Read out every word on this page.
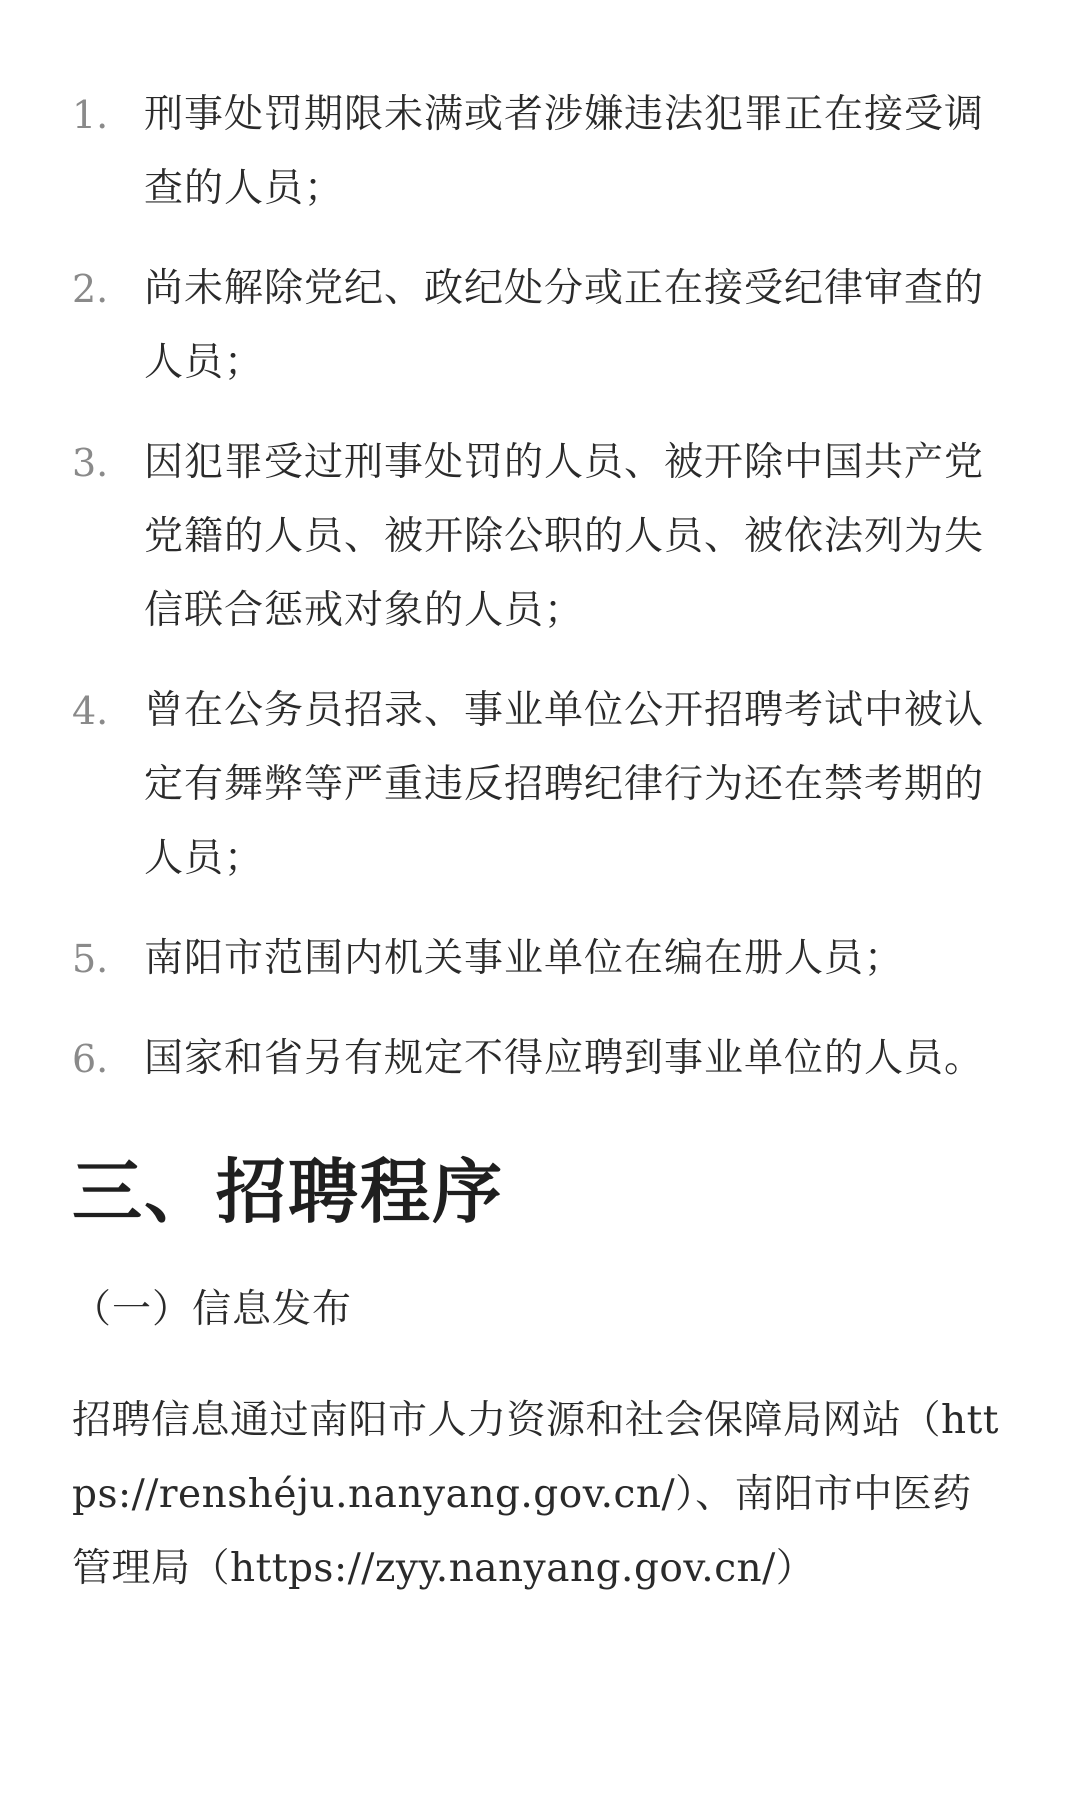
1. 刑事处罚期限未满或者涉嫌违法犯罪正在接受调查的人员；
2. 尚未解除党纪、政纪处分或正在接受纪律审查的人员；
3. 因犯罪受过刑事处罚的人员、被开除中国共产党党籍的人员、被开除公职的人员、被依法列为失信联合惩戒对象的人员；
4. 曾在公务员招录、事业单位公开招聘考试中被认定有舞弊等严重违反招聘纪律行为还在禁考期的人员；
5. 南阳市范围内机关事业单位在编在册人员；
6. 国家和省另有规定不得应聘到事业单位的人员。
三、招聘程序
（一）信息发布

招聘信息通过南阳市人力资源和社会保障局网站（https://renshéju.nanyang.gov.cn/）、南阳市中医药管理局（https://zyy.nanyang.gov.cn/）
